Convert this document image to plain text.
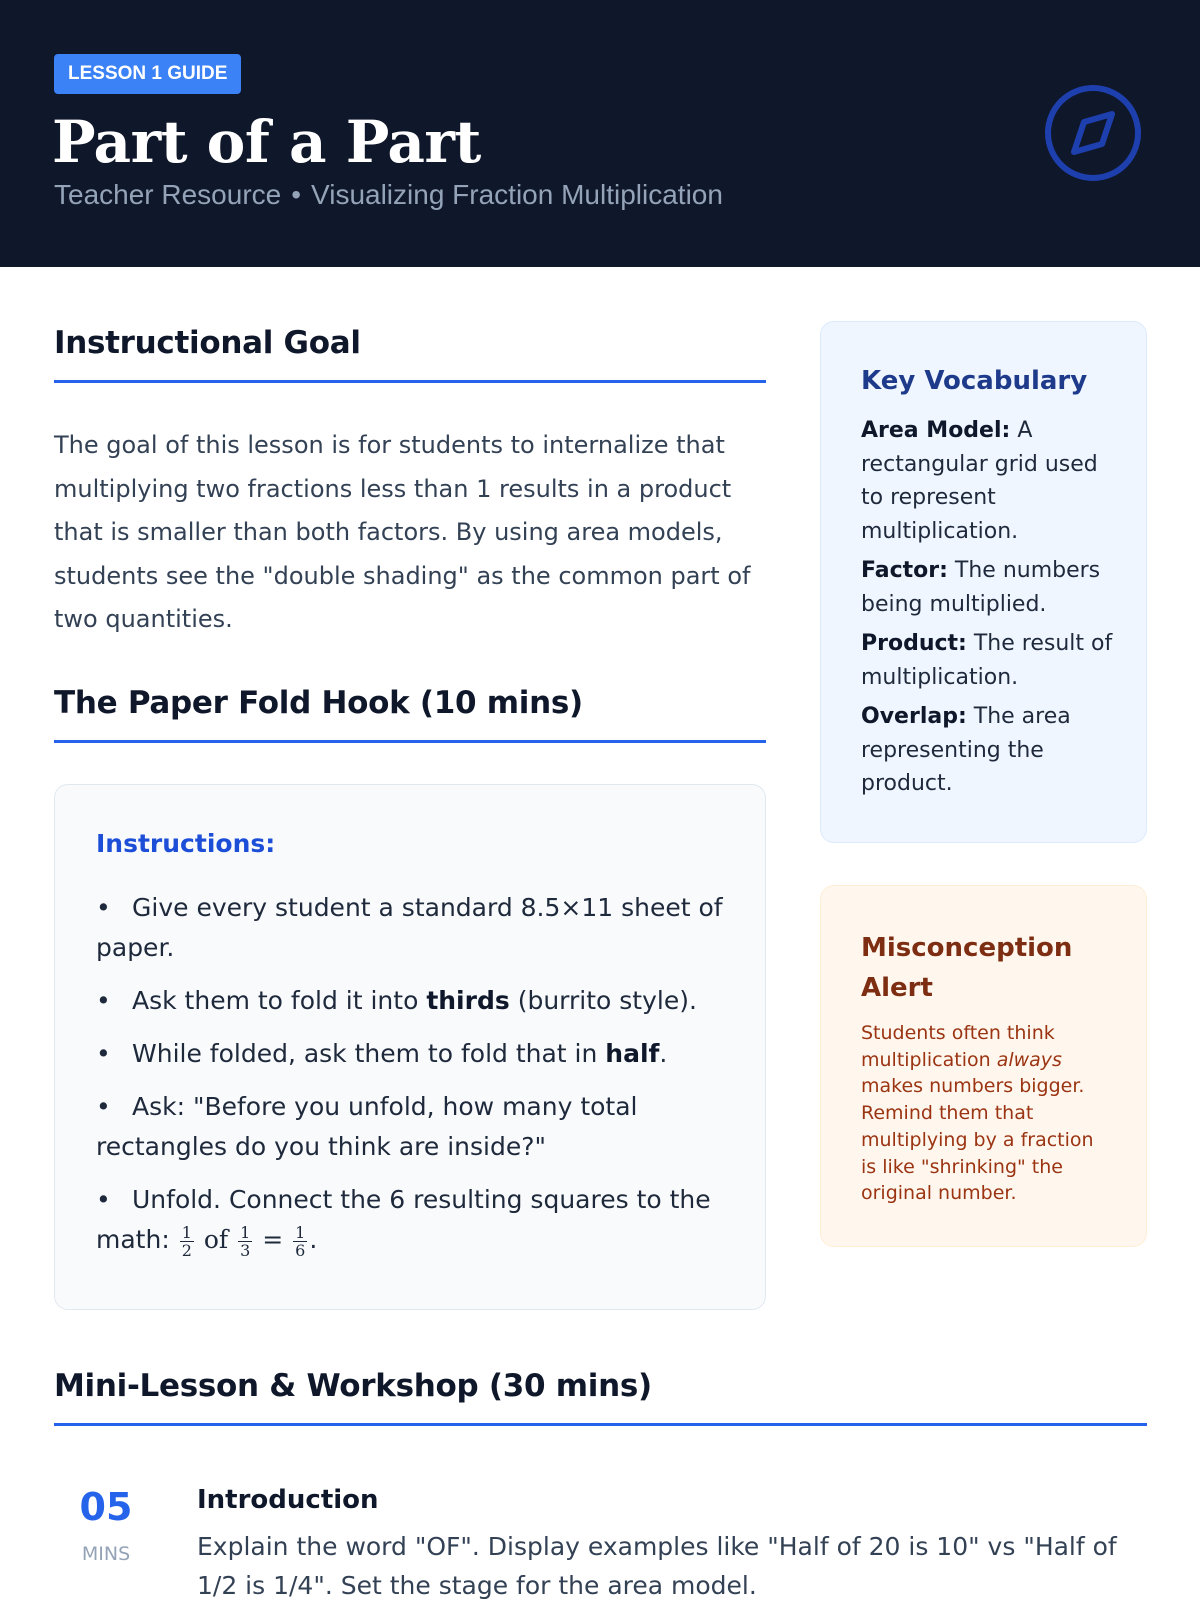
LESSON 1 GUIDE
Part of a Part
Teacher Resource • Visualizing Fraction Multiplication
Instructional Goal
The goal of this lesson is for students to internalize that multiplying two fractions less than 1 results in a product that is smaller than both factors. By using area models, students see the "double shading" as the common part of two quantities.
The Paper Fold Hook (10 mins)
Instructions:
• Give every student a standard 8.5×11 sheet of paper.
• Ask them to fold it into thirds (burrito style).
• While folded, ask them to fold that in half.
• Ask: "Before you unfold, how many total rectangles do you think are inside?"
• Unfold. Connect the 6 resulting squares to the math: $\frac{1}{2}$ of $\frac{1}{3} = \frac{1}{6}$ .
Key Vocabulary
Area Model: A rectangular grid used to represent multiplication.
Factor: The numbers being multiplied.
Product: The result of multiplication.
Overlap: The area representing the product.
Misconception Alert
Students often think multiplication always makes numbers bigger. Remind them that multiplying by a fraction is like "shrinking" the original number.
Mini-Lesson & Workshop (30 mins)
05
MINS
Introduction
Explain the word "OF". Display examples like "Half of 20 is 10" vs "Half of 1/2 is 1/4". Set the stage for the area model.
